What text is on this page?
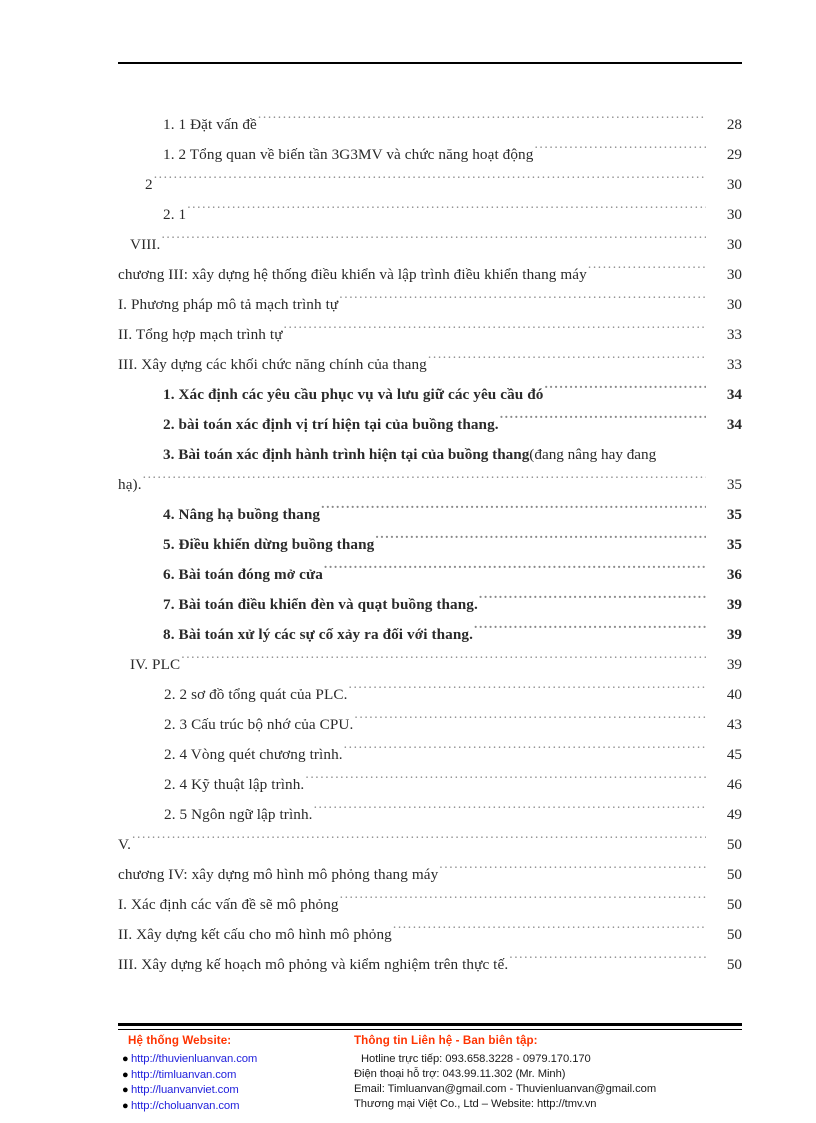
1. 1 Đặt vấn đề .....	28
1. 2 Tổng quan về biến tần 3G3MV và chức năng hoạt động .....	29
2 .....	30
2. 1 .....	30
VIII. .....	30
chương III: xây dựng hệ thống điều khiển và lập trình điều khiển thang máy .....	30
I. Phương pháp mô tả mạch trình tự .....	30
II. Tổng hợp mạch trình tự .....	33
III. Xây dựng các khối chức năng chính của thang .....	33
1. Xác định các yêu cầu phục vụ và lưu giữ các yêu cầu đó .....	34
2. bài toán xác định vị trí hiện tại của buồng thang. .....	34
3. Bài toán xác định hành trình hiện tại của buồng thang(đang nâng hay đang
hạ). .....	35
4. Nâng hạ buồng thang .....	35
5. Điều khiển dừng buồng thang .....	35
6. Bài toán đóng mở cửa .....	36
7. Bài toán điều khiển đèn và quạt buồng thang. .....	39
8. Bài toán xử lý các sự cố xảy ra đối với thang. .....	39
IV. PLC .....	39
2. 2 sơ đồ tổng quát của PLC. .....	40
2. 3 Cấu trúc bộ nhớ của CPU. .....	43
2. 4 Vòng quét chương trình. .....	45
2. 4 Kỹ thuật lập trình. .....	46
2. 5 Ngôn ngữ lập trình. .....	49
V. .....	50
chương IV: xây dựng mô hình mô phỏng thang máy .....	50
I. Xác định các vấn đề sẽ mô phỏng .....	50
II. Xây dựng kết cấu cho mô hình mô phỏng .....	50
III. Xây dựng kế hoạch mô phỏng và kiểm nghiệm trên thực tế. .....	50
Hệ thống Website:
● http://thuvienluanvan.com
● http://timluanvan.com
● http://luanvanviet.com
● http://choluanvan.com
Thông tin Liên hệ - Ban biên tập:
Hotline trực tiếp: 093.658.3228 - 0979.170.170
Điện thoại hỗ trợ: 043.99.11.302 (Mr. Minh)
Email: Timluanvan@gmail.com - Thuvienluanvan@gmail.com
Thương mại Việt Co., Ltd – Website: http://tmv.vn
